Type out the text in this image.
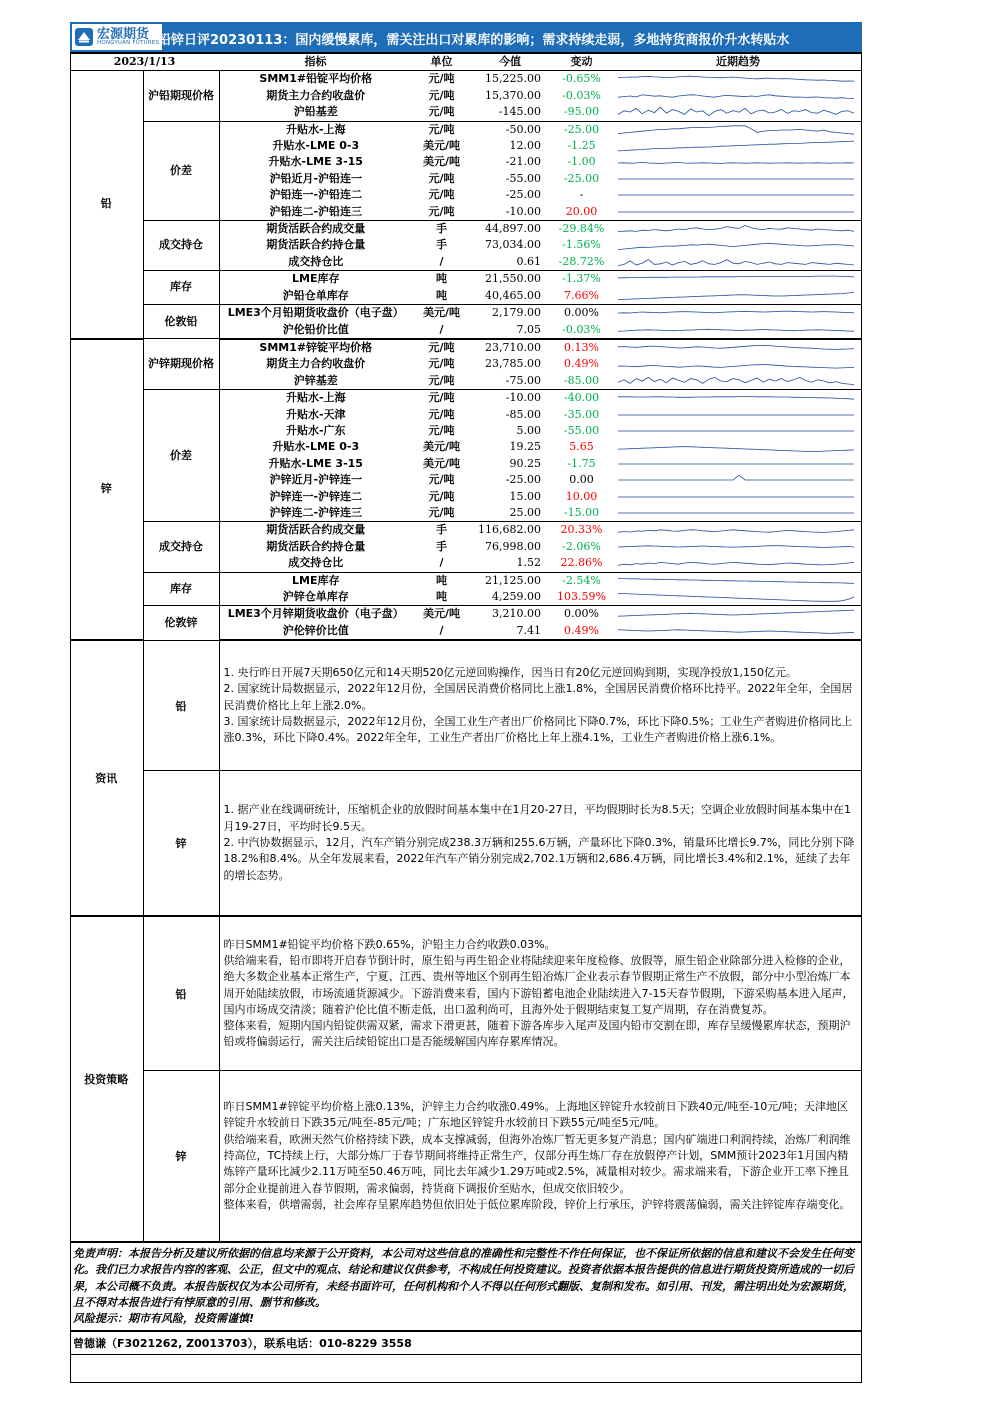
宏源期货
HONGYUAN FUTURES
铅锌日评20230113：国内缓慢累库，需关注出口对累库的影响；需求持续走弱，多地持货商报价升水转贴水
2023/1/13		指标	单位	今值	变动	近期趋势
铅	沪铅期现价格	SMM1#铅锭平均价格	元/吨	15,225.00	-0.65%	

		期货主力合约收盘价	元/吨	15,370.00	-0.03%	

		沪铅基差	元/吨	-145.00	-95.00	

	价差	升贴水-上海	元/吨	-50.00	-25.00	

		升贴水-LME 0-3	美元/吨	12.00	-1.25	

		升贴水-LME 3-15	美元/吨	-21.00	-1.00	

		沪铅近月-沪铅连一	元/吨	-55.00	-25.00	

		沪铅连一-沪铅连二	元/吨	-25.00	-	

		沪铅连二-沪铅连三	元/吨	-10.00	20.00	

	成交持仓	期货活跃合约成交量	手	44,897.00	-29.84%	

		期货活跃合约持仓量	手	73,034.00	-1.56%	

		成交持仓比	/	0.61	-28.72%	

	库存	LME库存	吨	21,550.00	-1.37%	

		沪铅仓单库存	吨	40,465.00	7.66%	

	伦敦铅	LME3个月铅期货收盘价（电子盘）	美元/吨	2,179.00	0.00%	

		沪伦铅价比值	/	7.05	-0.03%	

锌	沪锌期现价格	SMM1#锌锭平均价格	元/吨	23,710.00	0.13%	

		期货主力合约收盘价	元/吨	23,785.00	0.49%	

		沪锌基差	元/吨	-75.00	-85.00	

	价差	升贴水-上海	元/吨	-10.00	-40.00	

		升贴水-天津	元/吨	-85.00	-35.00	

		升贴水-广东	元/吨	5.00	-55.00	

		升贴水-LME 0-3	美元/吨	19.25	5.65	

		升贴水-LME 3-15	美元/吨	90.25	-1.75	

		沪锌近月-沪锌连一	元/吨	-25.00	0.00	

		沪锌连一-沪锌连二	元/吨	15.00	10.00	

		沪锌连二-沪锌连三	元/吨	25.00	-15.00	

	成交持仓	期货活跃合约成交量	手	116,682.00	20.33%	

		期货活跃合约持仓量	手	76,998.00	-2.06%	

		成交持仓比	/	1.52	22.86%	

	库存	LME库存	吨	21,125.00	-2.54%	

		沪锌仓单库存	吨	4,259.00	103.59%	

	伦敦锌	LME3个月锌期货收盘价（电子盘）	美元/吨	3,210.00	0.00%	

		沪伦锌价比值	/	7.41	0.49%	
资讯	铅	1. 央行昨日开展7天期650亿元和14天期520亿元逆回购操作，因当日有20亿元逆回购到期，实现净投放1,150亿元。

2. 国家统计局数据显示，2022年12月份，全国居民消费价格同比上涨1.8%，全国居民消费价格环比持平。2022年全年，全国居民消费价格比上年上涨2.0%。

3. 国家统计局数据显示，2022年12月份，全国工业生产者出厂价格同比下降0.7%，环比下降0.5%；工业生产者购进价格同比上涨0.3%，环比下降0.4%。2022年全年，工业生产者出厂价格比上年上涨4.1%，工业生产者购进价格上涨6.1%。

	锌	1. 据产业在线调研统计，压缩机企业的放假时间基本集中在1月20-27日，平均假期时长为8.5天；空调企业放假时间基本集中在1月19-27日，平均时长9.5天。

2. 中汽协数据显示，12月，汽车产销分别完成238.3万辆和255.6万辆，产量环比下降0.3%，销量环比增长9.7%，同比分别下降18.2%和8.4%。从全年发展来看，2022年汽车产销分别完成2,702.1万辆和2,686.4万辆，同比增长3.4%和2.1%，延续了去年的增长态势。

投资策略	铅	昨日SMM1#铅锭平均价格下跌0.65%，沪铅主力合约收跌0.03%。

供给端来看，铅市即将开启春节倒计时，原生铅与再生铅企业将陆续迎来年度检修、放假等，原生铅企业除部分进入检修的企业，绝大多数企业基本正常生产，宁夏、江西、贵州等地区个别再生铅冶炼厂企业表示春节假期正常生产不放假，部分中小型冶炼厂本周开始陆续放假，市场流通货源减少。下游消费来看，国内下游铅蓄电池企业陆续进入7-15天春节假期，下游采购基本进入尾声，国内市场成交清淡；随着沪伦比值不断走低，出口盈利尚可，且海外处于假期结束复工复产周期，存在消费复苏。

整体来看，短期内国内铅锭供需双紧，需求下滑更甚，随着下游各库步入尾声及国内铅市交割在即，库存呈缓慢累库状态，预期沪铅或将偏弱运行，需关注后续铅锭出口是否能缓解国内库存累库情况。

	锌	昨日SMM1#锌锭平均价格上涨0.13%，沪锌主力合约收涨0.49%。上海地区锌锭升水较前日下跌40元/吨至-10元/吨；天津地区锌锭升水较前日下跌35元/吨至-85元/吨；广东地区锌锭升水较前日下跌55元/吨至5元/吨。

供给端来看，欧洲天然气价格持续下跌，成本支撑减弱，但海外冶炼厂暂无更多复产消息；国内矿端进口利润持续，冶炼厂利润维持高位，TC持续上行，大部分炼厂于春节期间将维持正常生产，仅部分再生炼厂存在放假停产计划，SMM预计2023年1月国内精炼锌产量环比减少2.11万吨至50.46万吨，同比去年减少1.29万吨或2.5%，减量相对较少。需求端来看，下游企业开工率下挫且部分企业提前进入春节假期，需求偏弱，持货商下调报价至贴水，但成交依旧较少。

整体来看，供增需弱，社会库存呈累库趋势但依旧处于低位累库阶段，锌价上行承压，沪锌将震荡偏弱，需关注锌锭库存端变化。

免责声明：本报告分析及建议所依据的信息均来源于公开资料，本公司对这些信息的准确性和完整性不作任何保证，也不保证所依据的信息和建议不会发生任何变化。我们已力求报告内容的客观、公正，但文中的观点、结论和建议仅供参考，不构成任何投资建议。投资者依据本报告提供的信息进行期货投资所造成的一切后果，本公司概不负责。本报告版权仅为本公司所有，未经书面许可，任何机构和个人不得以任何形式翻版、复制和发布。如引用、刊发，需注明出处为宏源期货，且不得对本报告进行有悖原意的引用、删节和修改。

风险提示：期市有风险，投资需谨慎!		

曾德谦（F3021262, Z0013703），联系电话：010-8229 3558		
